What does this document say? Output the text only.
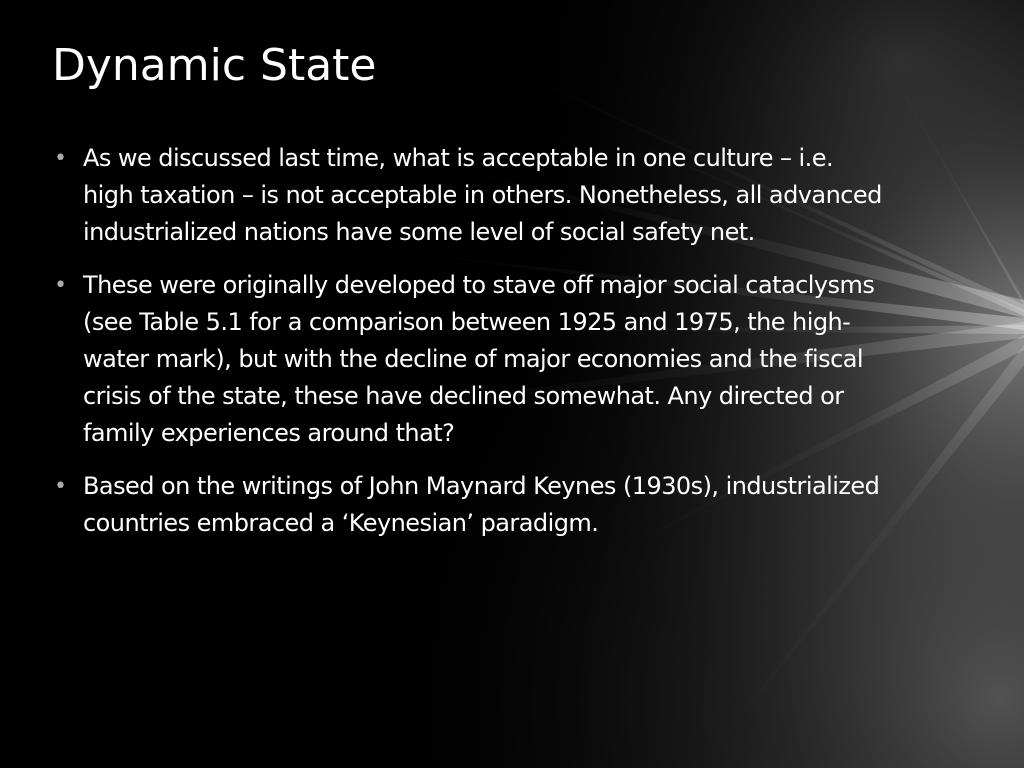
Dynamic State
• As we discussed last time, what is acceptable in one culture – i.e. high taxation – is not acceptable in others. Nonetheless, all advanced industrialized nations have some level of social safety net.
• These were originally developed to stave off major social cataclysms (see Table 5.1 for a comparison between 1925 and 1975, the high-water mark), but with the decline of major economies and the fiscal crisis of the state, these have declined somewhat. Any directed or family experiences around that?
• Based on the writings of John Maynard Keynes (1930s), industrialized countries embraced a ‘Keynesian’ paradigm.
